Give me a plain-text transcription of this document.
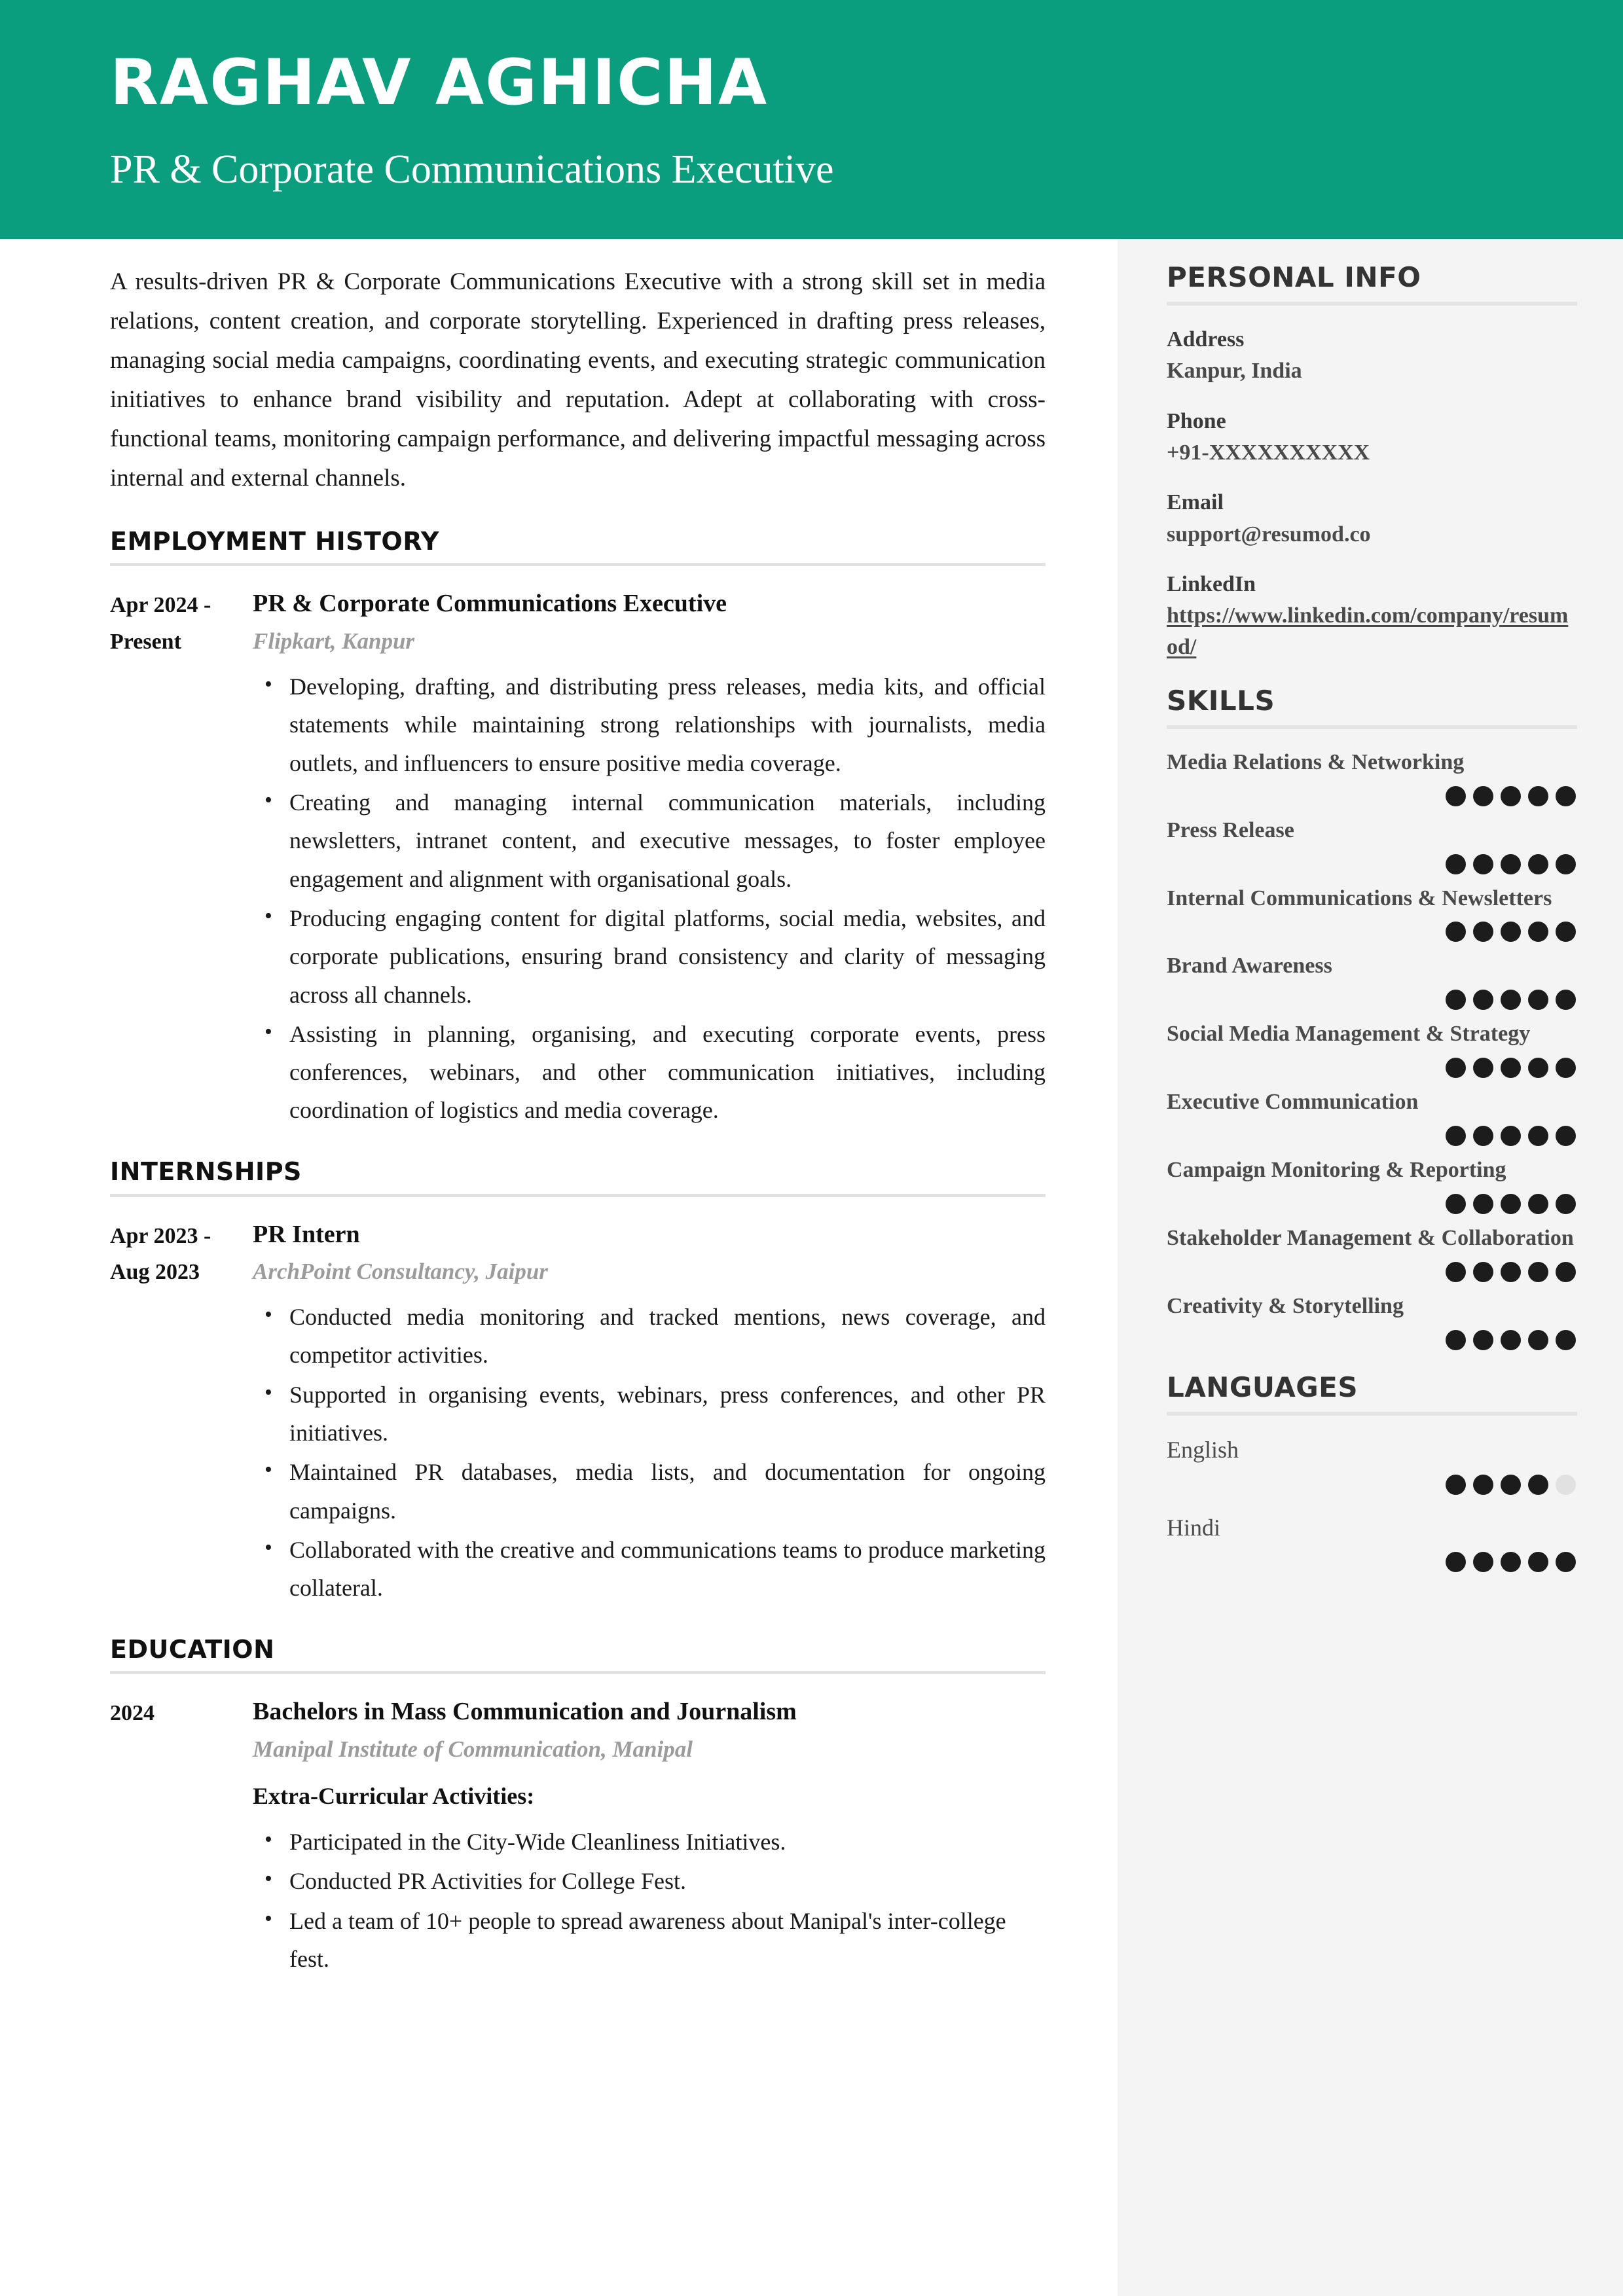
RAGHAV AGHICHA
PR & Corporate Communications Executive
A results-driven PR & Corporate Communications Executive with a strong skill set in media relations, content creation, and corporate storytelling. Experienced in drafting press releases, managing social media campaigns, coordinating events, and executing strategic communication initiatives to enhance brand visibility and reputation. Adept at collaborating with cross-functional teams, monitoring campaign performance, and delivering impactful messaging across internal and external channels.
EMPLOYMENT HISTORY
Apr 2024 -
Present
PR & Corporate Communications Executive
Flipkart, Kanpur
• Developing, drafting, and distributing press releases, media kits, and official statements while maintaining strong relationships with journalists, media outlets, and influencers to ensure positive media coverage.
• Creating and managing internal communication materials, including newsletters, intranet content, and executive messages, to foster employee engagement and alignment with organisational goals.
• Producing engaging content for digital platforms, social media, websites, and corporate publications, ensuring brand consistency and clarity of messaging across all channels.
• Assisting in planning, organising, and executing corporate events, press conferences, webinars, and other communication initiatives, including coordination of logistics and media coverage.
INTERNSHIPS
Apr 2023 -
Aug 2023
PR Intern
ArchPoint Consultancy, Jaipur
• Conducted media monitoring and tracked mentions, news coverage, and competitor activities.
• Supported in organising events, webinars, press conferences, and other PR initiatives.
• Maintained PR databases, media lists, and documentation for ongoing campaigns.
• Collaborated with the creative and communications teams to produce marketing collateral.
EDUCATION
2024	Bachelors in Mass Communication and Journalism
Manipal Institute of Communication, Manipal
Extra-Curricular Activities:
• Participated in the City-Wide Cleanliness Initiatives.
• Conducted PR Activities for College Fest.
• Led a team of 10+ people to spread awareness about Manipal's inter-college fest.
PERSONAL INFO
Address
Kanpur, India
Phone
+91-XXXXXXXXXX
Email
support@resumod.co
LinkedIn
https://www.linkedin.com/company/resumod/
SKILLS
Media Relations & Networking
Press Release
Internal Communications & Newsletters
Brand Awareness
Social Media Management & Strategy
Executive Communication
Campaign Monitoring & Reporting
Stakeholder Management & Collaboration
Creativity & Storytelling
LANGUAGES
English
Hindi
